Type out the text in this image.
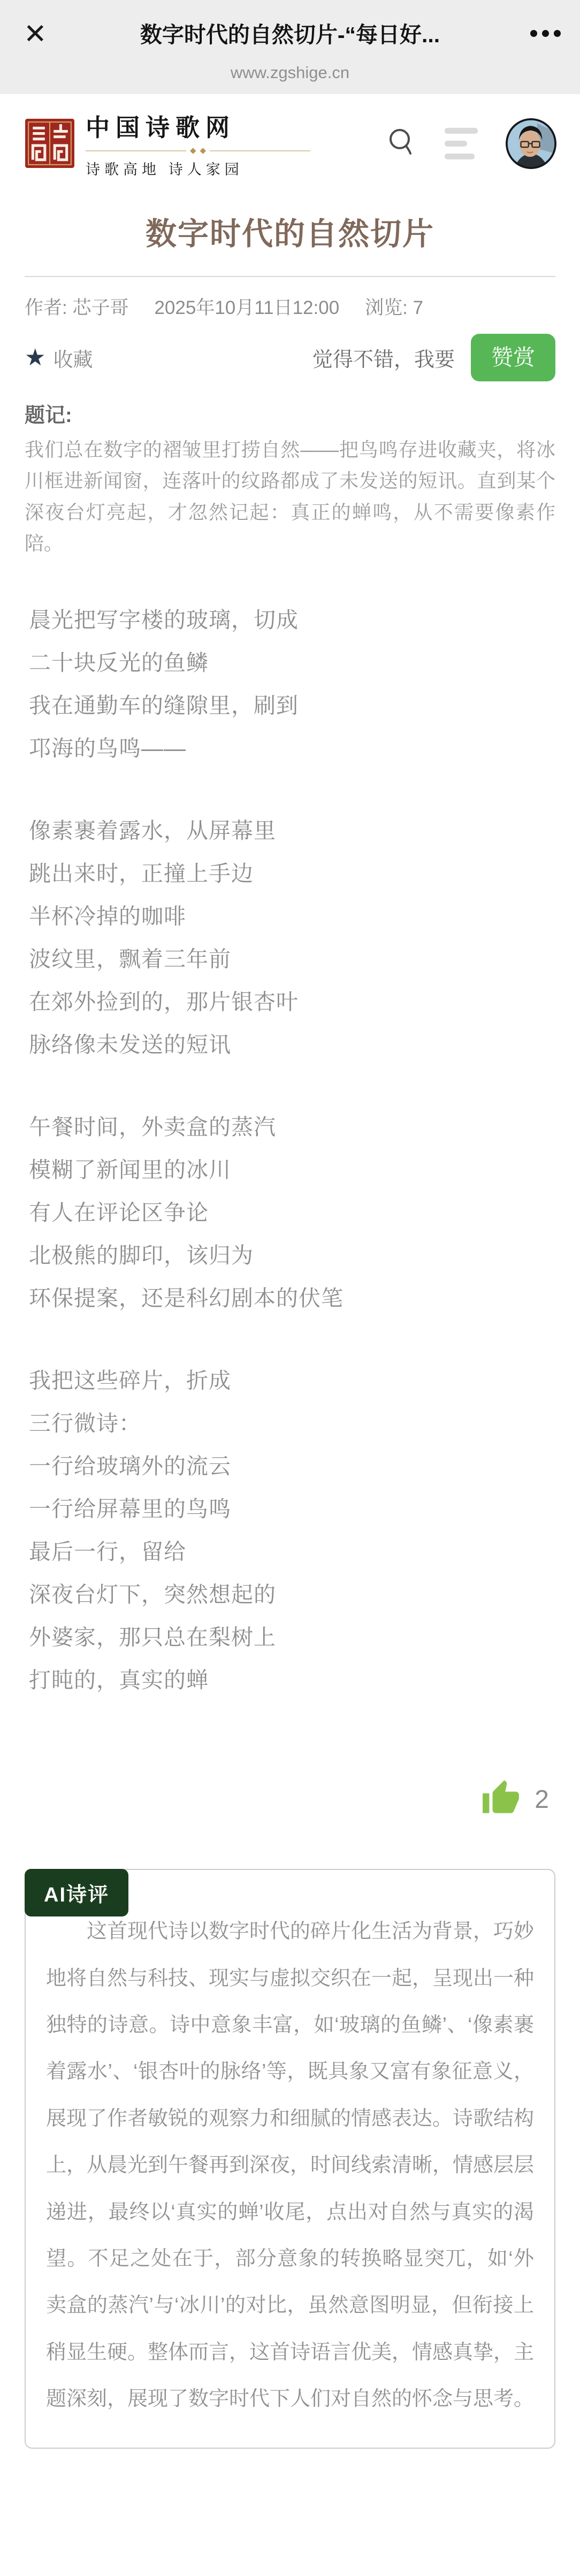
✕	数字时代的自然切片-“每日好...
www.zgshige.cn
中国诗歌网
◆ ◆
诗歌高地 诗人家园
数字时代的自然切片
作者: 芯子哥 2025年10月11日12:00 浏览: 7
★ 收藏	觉得不错，我要	赞赏
题记:
我们总在数字的褶皱里打捞自然——把鸟鸣存进收藏夹，将冰川框进新闻窗，连落叶的纹路都成了未发送的短讯。直到某个深夜台灯亮起，才忽然记起：真正的蝉鸣，从不需要像素作陪。

晨光把写字楼的玻璃，切成

二十块反光的鱼鳞

我在通勤车的缝隙里，刷到

邛海的鸟鸣——

像素裹着露水，从屏幕里

跳出来时，正撞上手边

半杯冷掉的咖啡

波纹里，飘着三年前

在郊外捡到的，那片银杏叶

脉络像未发送的短讯

午餐时间，外卖盒的蒸汽

模糊了新闻里的冰川

有人在评论区争论

北极熊的脚印，该归为

环保提案，还是科幻剧本的伏笔

我把这些碎片，折成

三行微诗：

一行给玻璃外的流云

一行给屏幕里的鸟鸣

最后一行，留给

深夜台灯下，突然想起的

外婆家，那只总在梨树上

打盹的，真实的蝉

2
AI诗评

这首现代诗以数字时代的碎片化生活为背景，巧妙地将自然与科技、现实与虚拟交织在一起，呈现出一种独特的诗意。诗中意象丰富，如‘玻璃的鱼鳞’、‘像素裹着露水’、‘银杏叶的脉络’等，既具象又富有象征意义，展现了作者敏锐的观察力和细腻的情感表达。诗歌结构上，从晨光到午餐再到深夜，时间线索清晰，情感层层递进，最终以‘真实的蝉’收尾，点出对自然与真实的渴望。不足之处在于，部分意象的转换略显突兀，如‘外卖盒的蒸汽’与‘冰川’的对比，虽然意图明显，但衔接上稍显生硬。整体而言，这首诗语言优美，情感真挚，主题深刻，展现了数字时代下人们对自然的怀念与思考。
